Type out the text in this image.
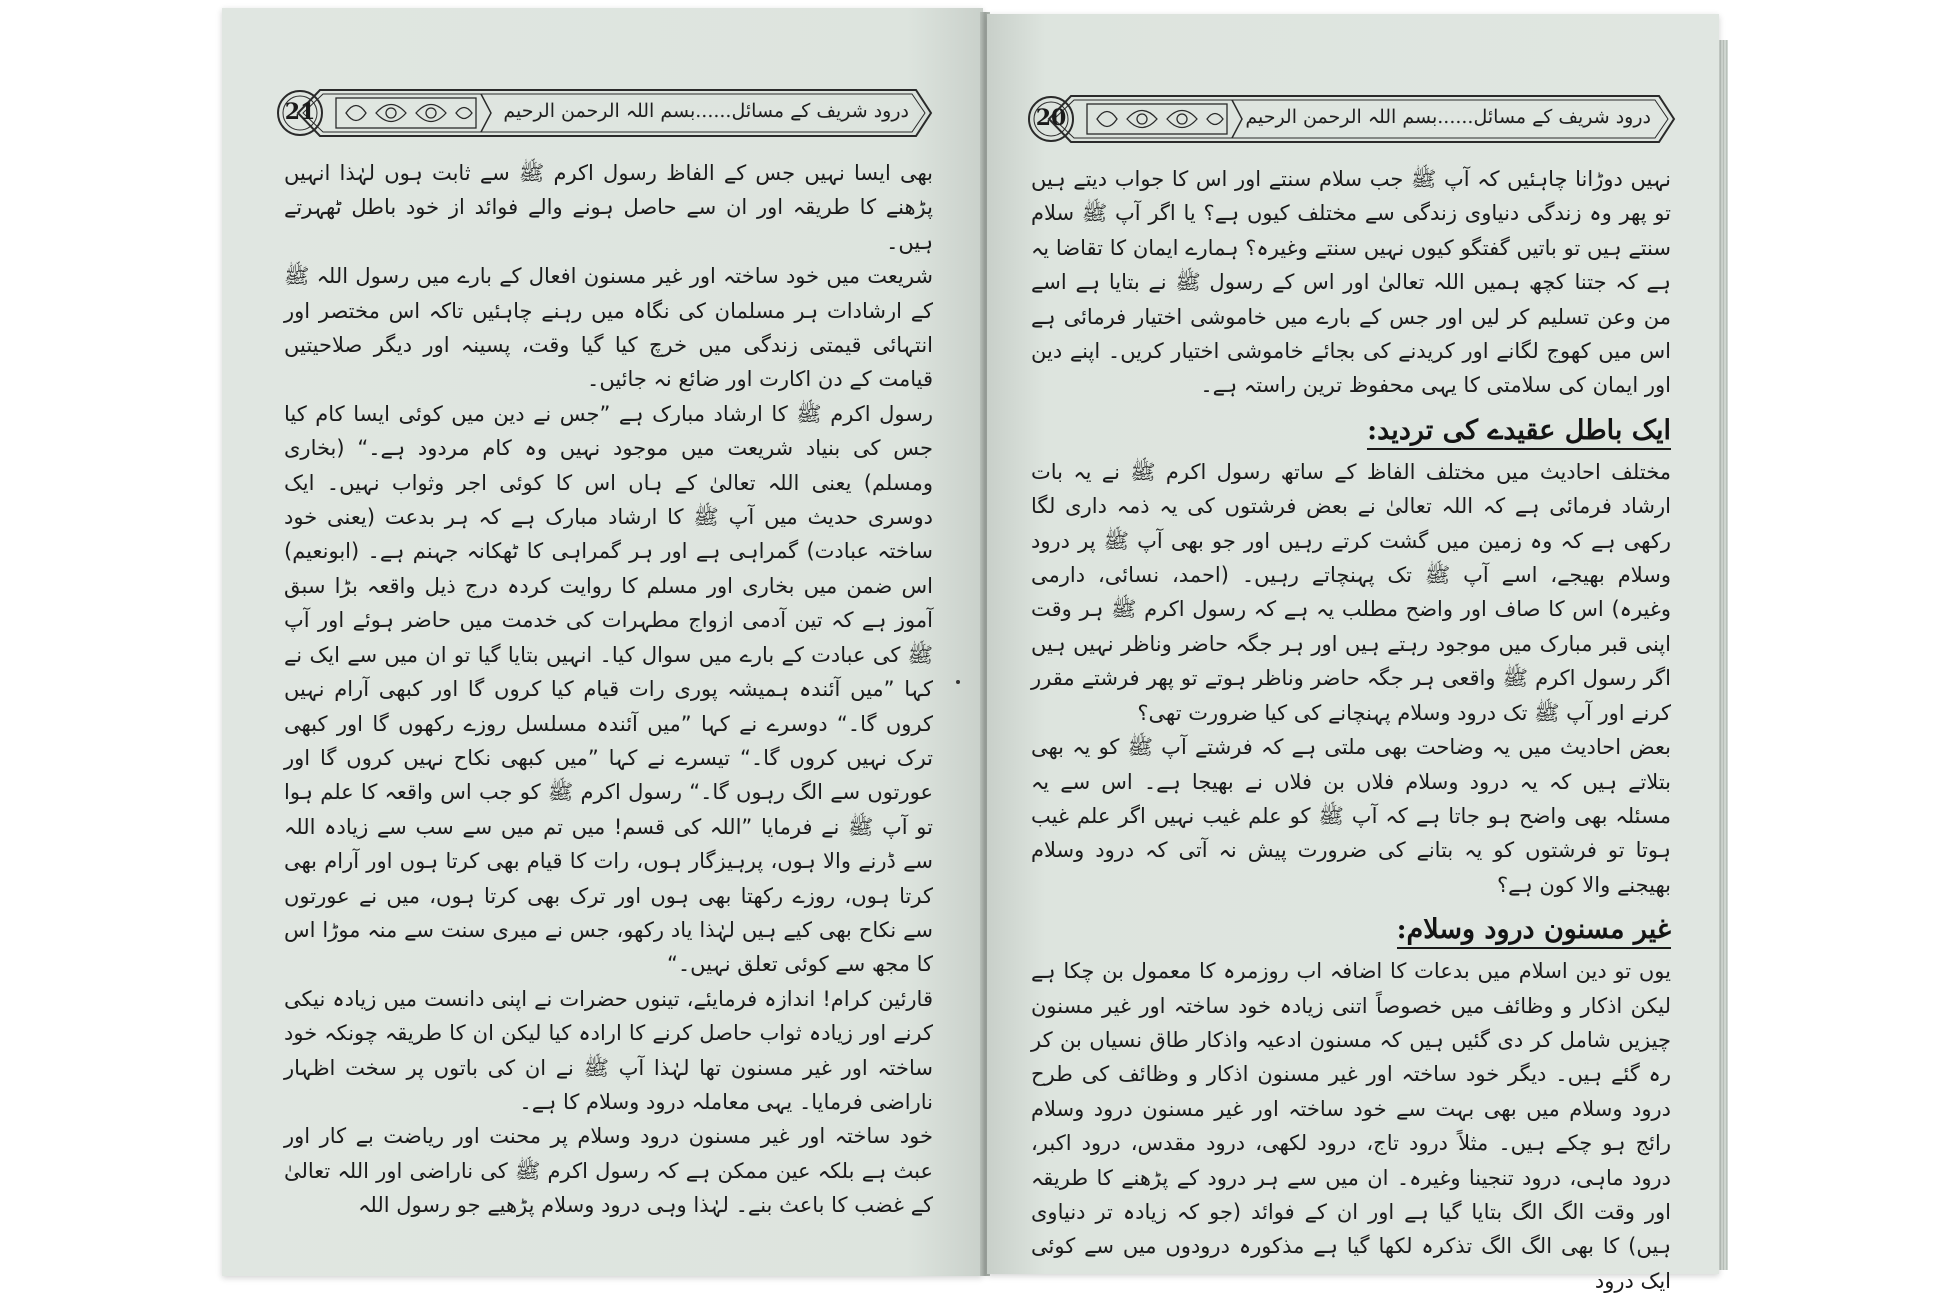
21	درود شریف کے مسائل......بسم اللہ الرحمن الرحیم

بھی ایسا نہیں جس کے الفاظ رسول اکرم ﷺ سے ثابت ہوں لہٰذا انہیں پڑھنے کا طریقہ اور ان سے حاصل ہونے والے فوائد از خود باطل ٹھہرتے ہیں۔

شریعت میں خود ساختہ اور غیر مسنون افعال کے بارے میں رسول اللہ ﷺ کے ارشادات ہر مسلمان کی نگاہ میں رہنے چاہئیں تاکہ اس مختصر اور انتہائی قیمتی زندگی میں خرچ کیا گیا وقت، پسینہ اور دیگر صلاحیتیں قیامت کے دن اکارت اور ضائع نہ جائیں۔

رسول اکرم ﷺ کا ارشاد مبارک ہے ”جس نے دین میں کوئی ایسا کام کیا جس کی بنیاد شریعت میں موجود نہیں وہ کام مردود ہے۔“ (بخاری ومسلم) یعنی اللہ تعالیٰ کے ہاں اس کا کوئی اجر وثواب نہیں۔ ایک دوسری حدیث میں آپ ﷺ کا ارشاد مبارک ہے کہ ہر بدعت (یعنی خود ساختہ عبادت) گمراہی ہے اور ہر گمراہی کا ٹھکانہ جہنم ہے۔ (ابونعیم) اس ضمن میں بخاری اور مسلم کا روایت کردہ درج ذیل واقعہ بڑا سبق آموز ہے کہ تین آدمی ازواج مطہرات کی خدمت میں حاضر ہوئے اور آپ ﷺ کی عبادت کے بارے میں سوال کیا۔ انہیں بتایا گیا تو ان میں سے ایک نے کہا ”میں آئندہ ہمیشہ پوری رات قیام کیا کروں گا اور کبھی آرام نہیں کروں گا۔“ دوسرے نے کہا ”میں آئندہ مسلسل روزے رکھوں گا اور کبھی ترک نہیں کروں گا۔“ تیسرے نے کہا ”میں کبھی نکاح نہیں کروں گا اور عورتوں سے الگ رہوں گا۔“ رسول اکرم ﷺ کو جب اس واقعہ کا علم ہوا تو آپ ﷺ نے فرمایا ”اللہ کی قسم! میں تم میں سے سب سے زیادہ اللہ سے ڈرنے والا ہوں، پرہیزگار ہوں، رات کا قیام بھی کرتا ہوں اور آرام بھی کرتا ہوں، روزے رکھتا بھی ہوں اور ترک بھی کرتا ہوں، میں نے عورتوں سے نکاح بھی کیے ہیں لہٰذا یاد رکھو، جس نے میری سنت سے منہ موڑا اس کا مجھ سے کوئی تعلق نہیں۔“

قارئین کرام! اندازہ فرمایئے، تینوں حضرات نے اپنی دانست میں زیادہ نیکی کرنے اور زیادہ ثواب حاصل کرنے کا ارادہ کیا لیکن ان کا طریقہ چونکہ خود ساختہ اور غیر مسنون تھا لہٰذا آپ ﷺ نے ان کی باتوں پر سخت اظہار ناراضی فرمایا۔ یہی معاملہ درود وسلام کا ہے۔

خود ساختہ اور غیر مسنون درود وسلام پر محنت اور ریاضت بے کار اور عبث ہے بلکہ عین ممکن ہے کہ رسول اکرم ﷺ کی ناراضی اور اللہ تعالیٰ کے غضب کا باعث بنے۔ لہٰذا وہی درود وسلام پڑھیے جو رسول اللہ

20	درود شریف کے مسائل......بسم اللہ الرحمن الرحیم

نہیں دوڑانا چاہئیں کہ آپ ﷺ جب سلام سنتے اور اس کا جواب دیتے ہیں تو پھر وہ زندگی دنیاوی زندگی سے مختلف کیوں ہے؟ یا اگر آپ ﷺ سلام سنتے ہیں تو باتیں گفتگو کیوں نہیں سنتے وغیرہ؟ ہمارے ایمان کا تقاضا یہ ہے کہ جتنا کچھ ہمیں اللہ تعالیٰ اور اس کے رسول ﷺ نے بتایا ہے اسے من وعن تسلیم کر لیں اور جس کے بارے میں خاموشی اختیار فرمائی ہے اس میں کھوج لگانے اور کریدنے کی بجائے خاموشی اختیار کریں۔ اپنے دین اور ایمان کی سلامتی کا یہی محفوظ ترین راستہ ہے۔

ایک باطل عقیدے کی تردید:

مختلف احادیث میں مختلف الفاظ کے ساتھ رسول اکرم ﷺ نے یہ بات ارشاد فرمائی ہے کہ اللہ تعالیٰ نے بعض فرشتوں کی یہ ذمہ داری لگا رکھی ہے کہ وہ زمین میں گشت کرتے رہیں اور جو بھی آپ ﷺ پر درود وسلام بھیجے، اسے آپ ﷺ تک پہنچاتے رہیں۔ (احمد، نسائی، دارمی وغیرہ) اس کا صاف اور واضح مطلب یہ ہے کہ رسول اکرم ﷺ ہر وقت اپنی قبر مبارک میں موجود رہتے ہیں اور ہر جگہ حاضر وناظر نہیں ہیں اگر رسول اکرم ﷺ واقعی ہر جگہ حاضر وناظر ہوتے تو پھر فرشتے مقرر کرنے اور آپ ﷺ تک درود وسلام پہنچانے کی کیا ضرورت تھی؟

بعض احادیث میں یہ وضاحت بھی ملتی ہے کہ فرشتے آپ ﷺ کو یہ بھی بتلاتے ہیں کہ یہ درود وسلام فلاں بن فلاں نے بھیجا ہے۔ اس سے یہ مسئلہ بھی واضح ہو جاتا ہے کہ آپ ﷺ کو علم غیب نہیں اگر علم غیب ہوتا تو فرشتوں کو یہ بتانے کی ضرورت پیش نہ آتی کہ درود وسلام بھیجنے والا کون ہے؟

غیر مسنون درود وسلام:

یوں تو دین اسلام میں بدعات کا اضافہ اب روزمرہ کا معمول بن چکا ہے لیکن اذکار و وظائف میں خصوصاً اتنی زیادہ خود ساختہ اور غیر مسنون چیزیں شامل کر دی گئیں ہیں کہ مسنون ادعیہ واذکار طاق نسیاں بن کر رہ گئے ہیں۔ دیگر خود ساختہ اور غیر مسنون اذکار و وظائف کی طرح درود وسلام میں بھی بہت سے خود ساختہ اور غیر مسنون درود وسلام رائج ہو چکے ہیں۔ مثلاً درود تاج، درود لکھی، درود مقدس، درود اکبر، درود ماہی، درود تنجینا وغیرہ۔ ان میں سے ہر درود کے پڑھنے کا طریقہ اور وقت الگ الگ بتایا گیا ہے اور ان کے فوائد (جو کہ زیادہ تر دنیاوی ہیں) کا بھی الگ الگ تذکرہ لکھا گیا ہے مذکورہ درودوں میں سے کوئی ایک درود
